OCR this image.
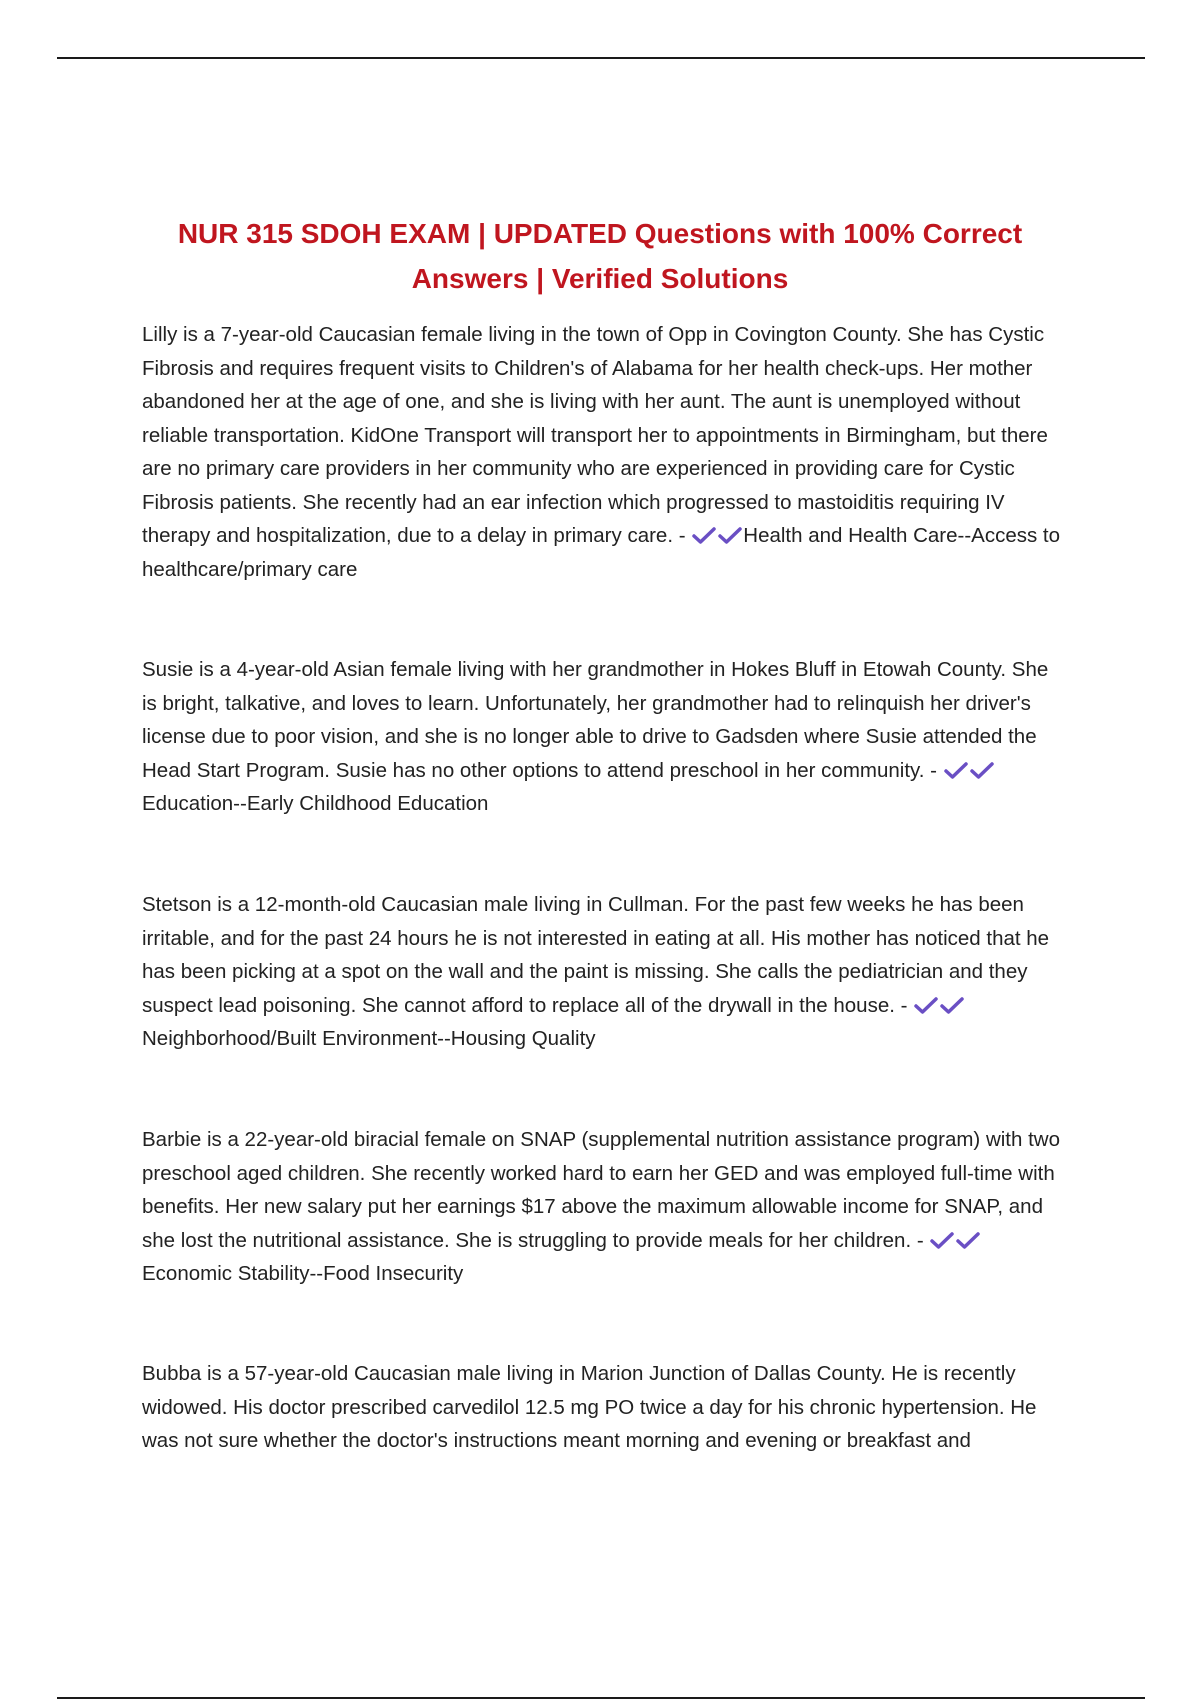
NUR 315 SDOH EXAM | UPDATED Questions with 100% Correct
Answers | Verified Solutions

Lilly is a 7-year-old Caucasian female living in the town of Opp in Covington County. She has Cystic Fibrosis and requires frequent visits to Children's of Alabama for her health check-ups. Her mother abandoned her at the age of one, and she is living with her aunt. The aunt is unemployed without reliable transportation. KidOne Transport will transport her to appointments in Birmingham, but there are no primary care providers in her community who are experienced in providing care for Cystic Fibrosis patients. She recently had an ear infection which progressed to mastoiditis requiring IV therapy and hospitalization, due to a delay in primary care. -	Health and Health Care--Access to healthcare/primary care

Susie is a 4-year-old Asian female living with her grandmother in Hokes Bluff in Etowah County. She is bright, talkative, and loves to learn. Unfortunately, her grandmother had to relinquish her driver's license due to poor vision, and she is no longer able to drive to Gadsden where Susie attended the Head Start Program. Susie has no other options to attend preschool in her community. - Education--Early Childhood Education

Stetson is a 12-month-old Caucasian male living in Cullman. For the past few weeks he has been irritable, and for the past 24 hours he is not interested in eating at all. His mother has noticed that he has been picking at a spot on the wall and the paint is missing. She calls the pediatrician and they suspect lead poisoning. She cannot afford to replace all of the drywall in the house. - Neighborhood/Built Environment--Housing Quality

Barbie is a 22-year-old biracial female on SNAP (supplemental nutrition assistance program) with two preschool aged children. She recently worked hard to earn her GED and was employed full-time with benefits. Her new salary put her earnings $17 above the maximum allowable income for SNAP, and she lost the nutritional assistance. She is struggling to provide meals for her children. - Economic Stability--Food Insecurity

Bubba is a 57-year-old Caucasian male living in Marion Junction of Dallas County. He is recently widowed. His doctor prescribed carvedilol 12.5 mg PO twice a day for his chronic hypertension. He was not sure whether the doctor's instructions meant morning and evening or breakfast and
